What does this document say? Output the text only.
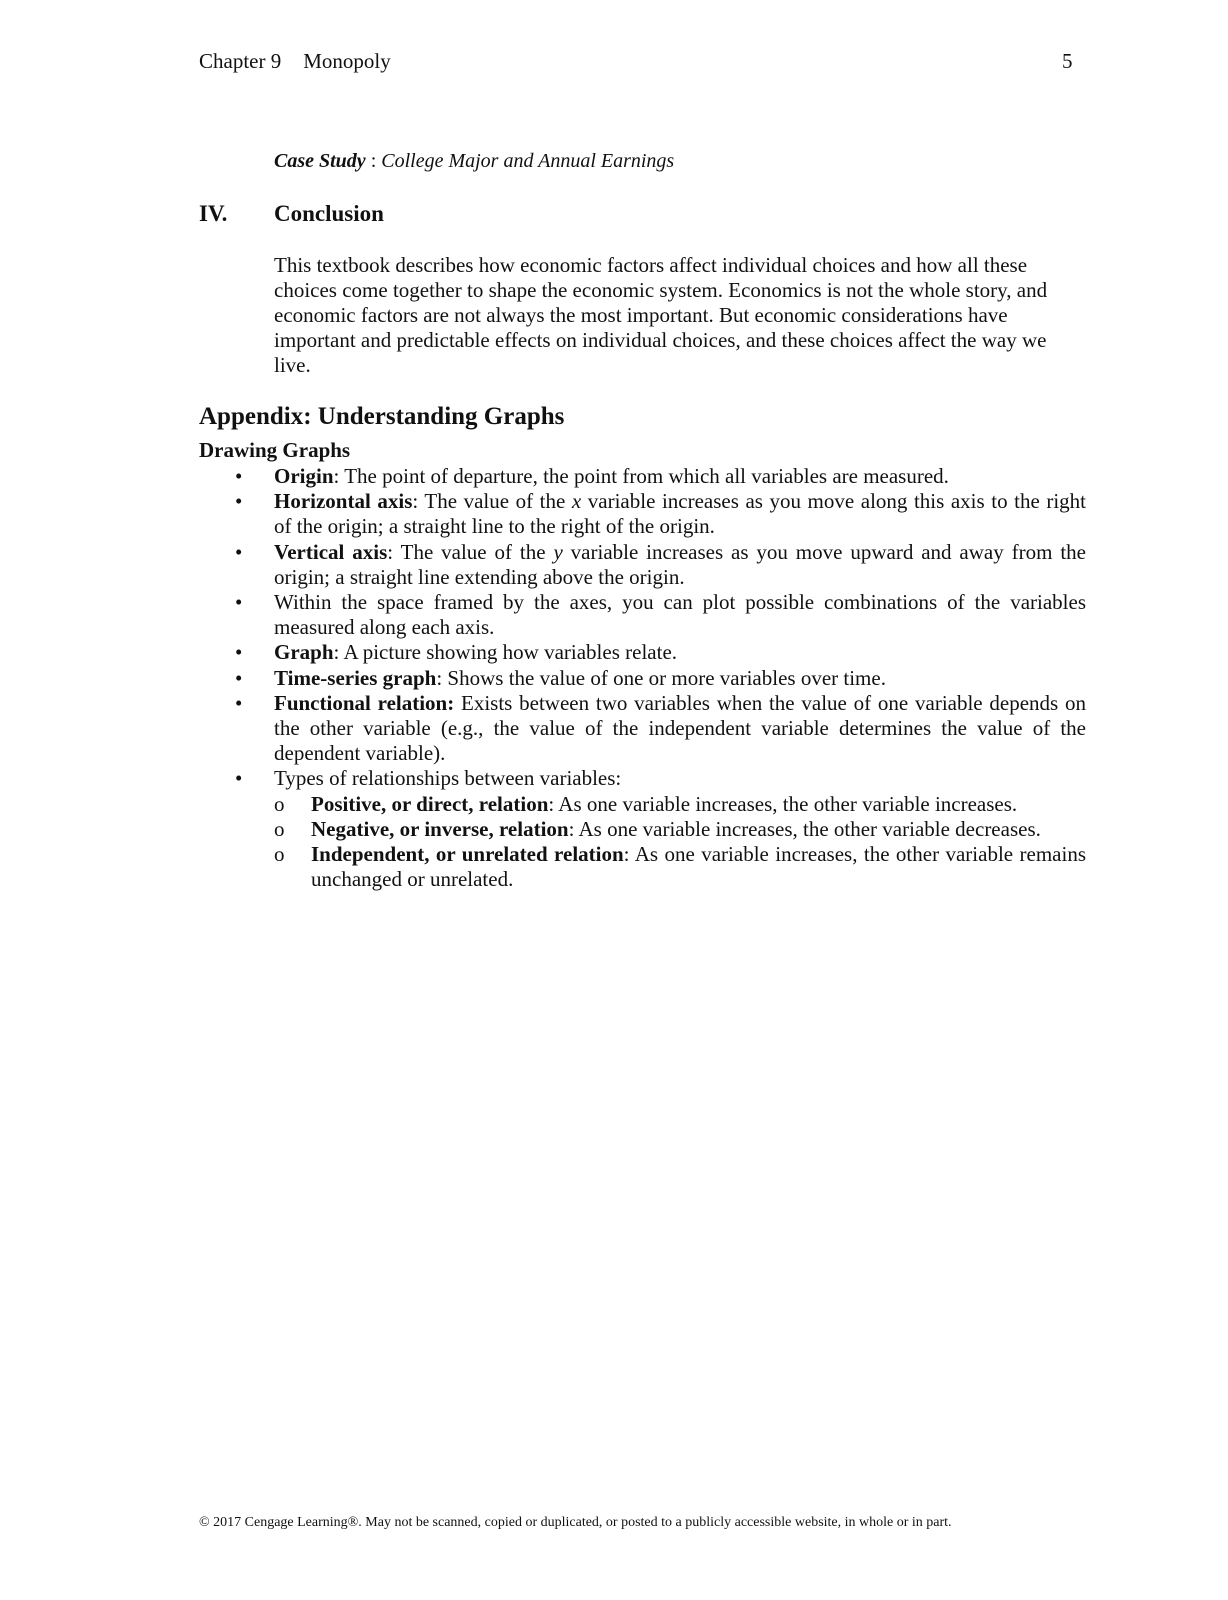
Chapter 9 Monopoly	5
Case Study : College Major and Annual Earnings
IV. Conclusion
This textbook describes how economic factors affect individual choices and how all these choices come together to shape the economic system. Economics is not the whole story, and economic factors are not always the most important. But economic considerations have important and predictable effects on individual choices, and these choices affect the way we live.
Appendix: Understanding Graphs
Drawing Graphs
• Origin: The point of departure, the point from which all variables are measured.
• Horizontal axis: The value of the x variable increases as you move along this axis to the right of the origin; a straight line to the right of the origin.
• Vertical axis: The value of the y variable increases as you move upward and away from the origin; a straight line extending above the origin.
• Within the space framed by the axes, you can plot possible combinations of the variables measured along each axis.
• Graph: A picture showing how variables relate.
• Time-series graph: Shows the value of one or more variables over time.
• Functional relation: Exists between two variables when the value of one variable depends on the other variable (e.g., the value of the independent variable determines the value of the dependent variable).
• Types of relationships between variables:
o Positive, or direct, relation: As one variable increases, the other variable increases.
o Negative, or inverse, relation: As one variable increases, the other variable decreases.
o Independent, or unrelated relation: As one variable increases, the other variable remains unchanged or unrelated.
© 2017 Cengage Learning®. May not be scanned, copied or duplicated, or posted to a publicly accessible website, in whole or in part.
